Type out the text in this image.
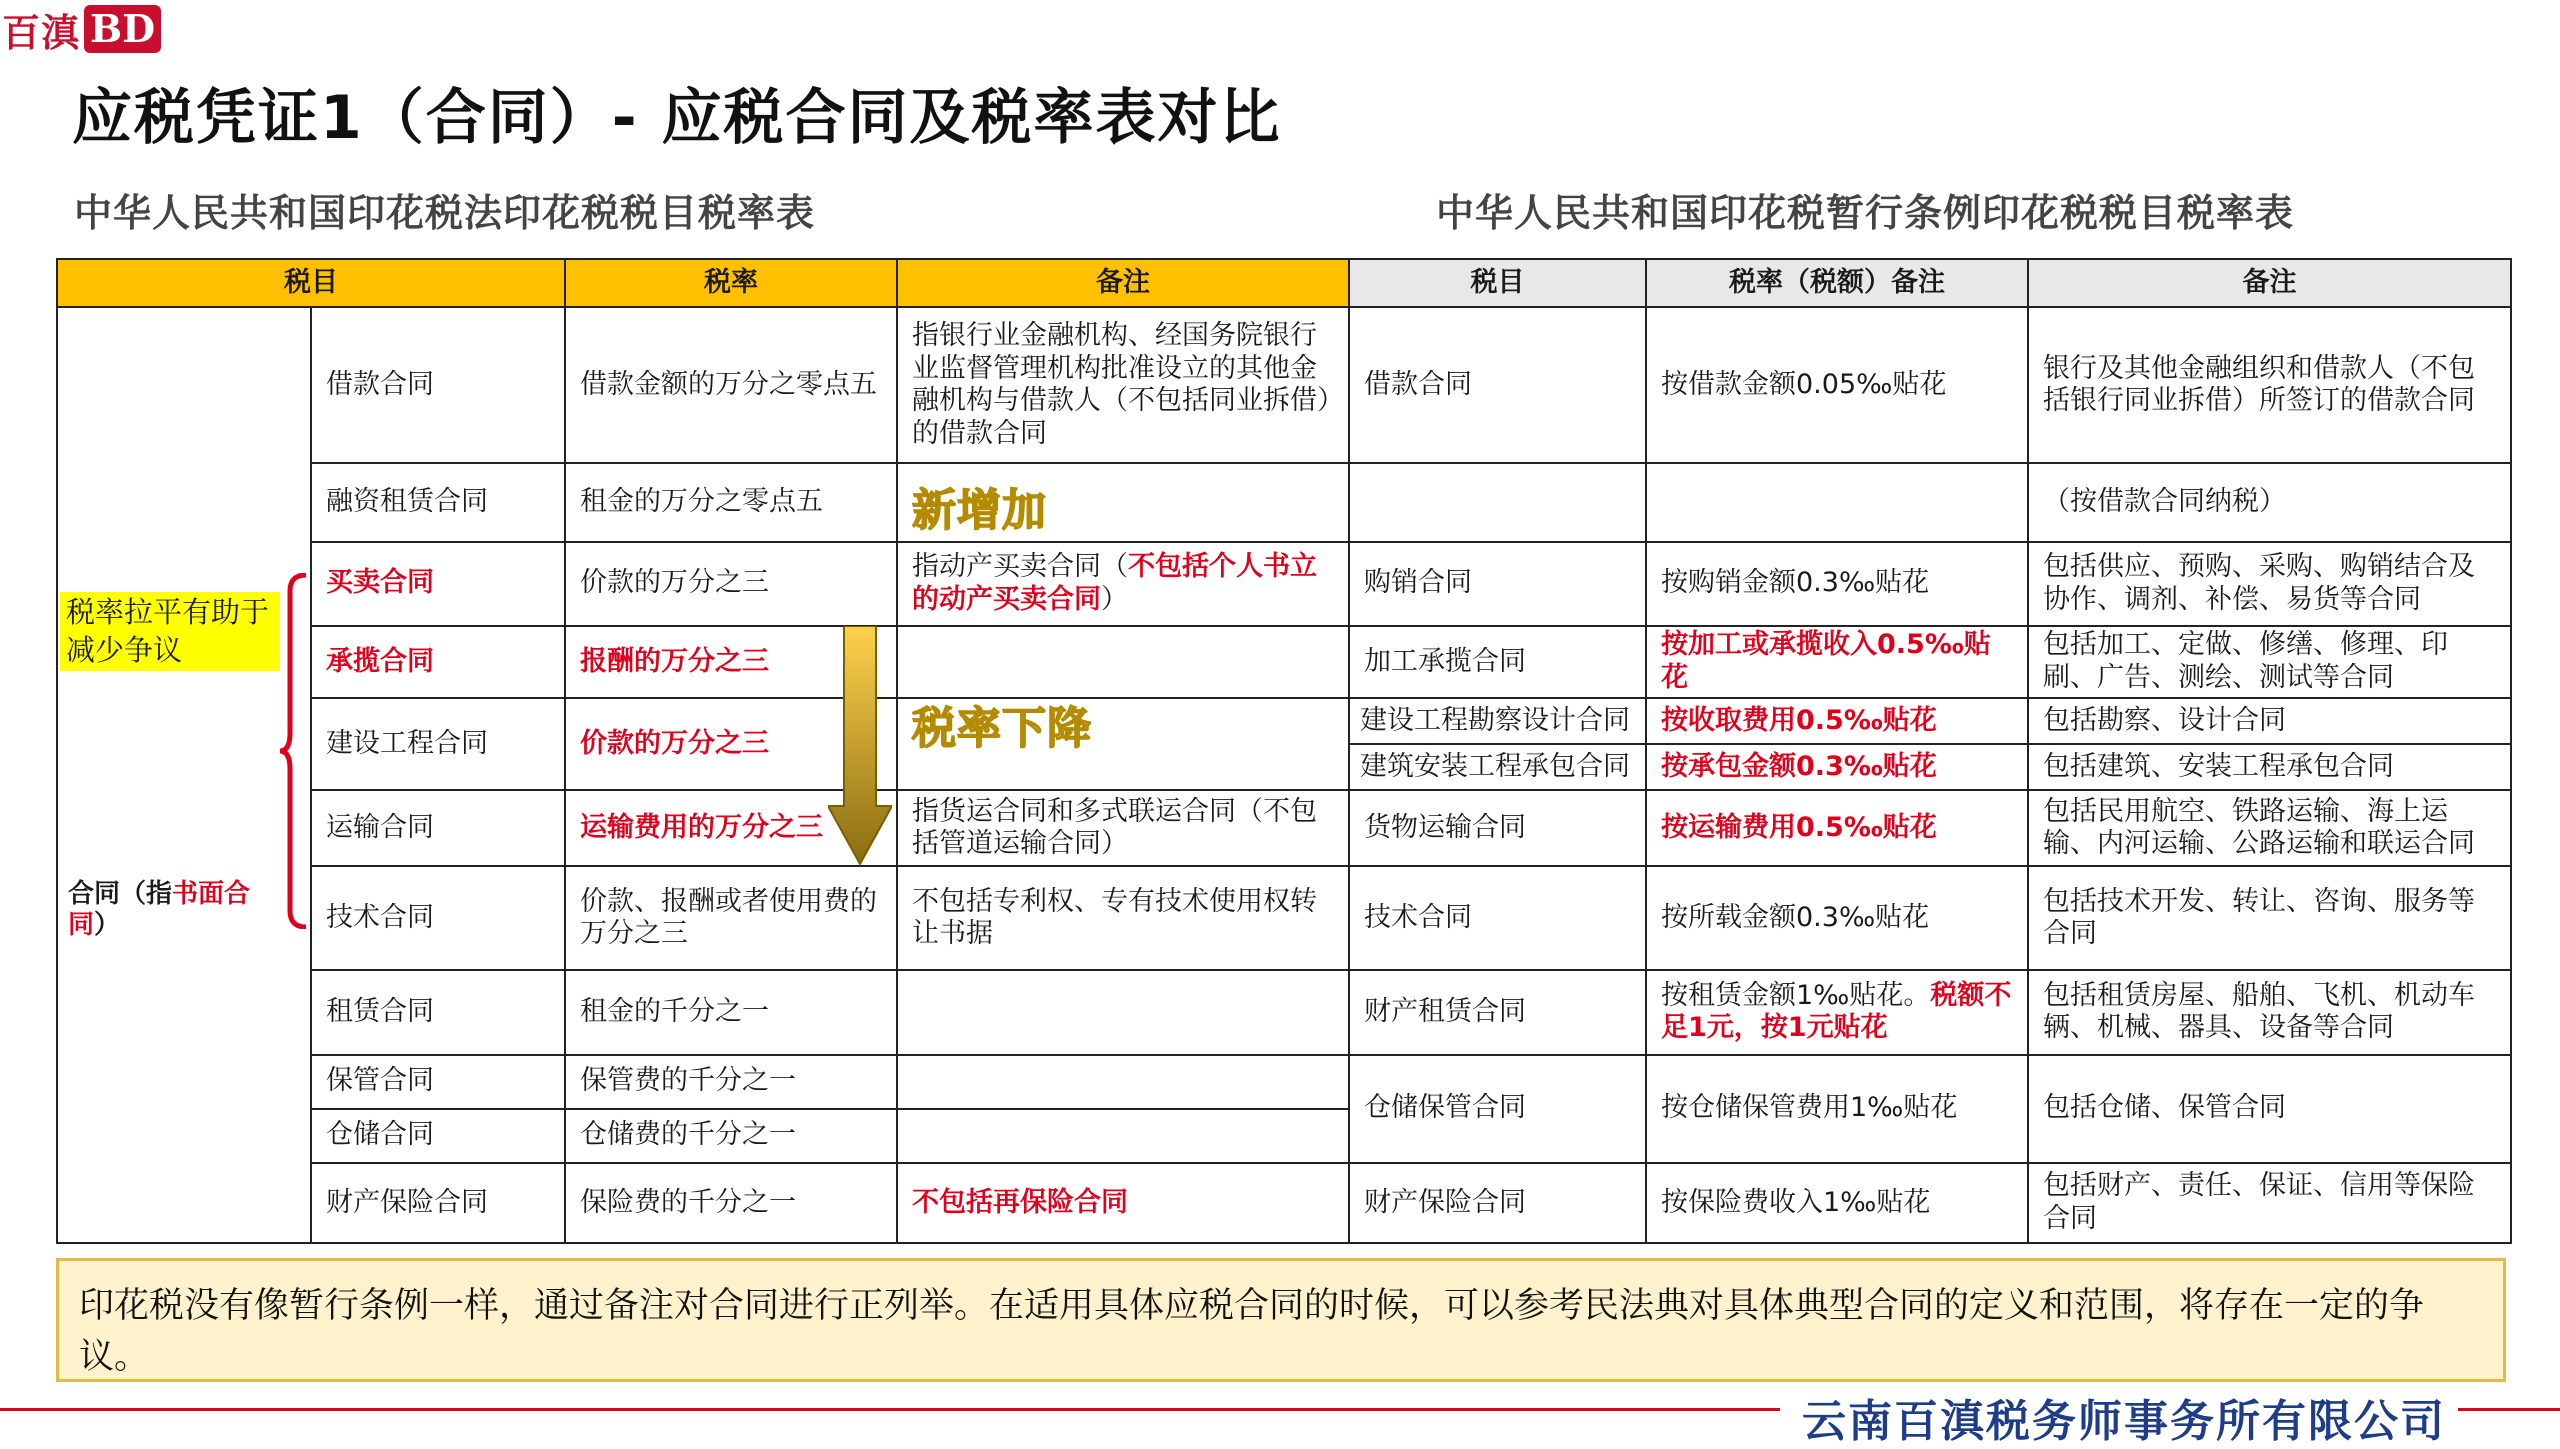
百滇 BD
应税凭证1（合同）- 应税合同及税率表对比
中华人民共和国印花税法印花税税目税率表	中华人民共和国印花税暂行条例印花税税目税率表
税目		税率	备注	税目	税率（税额）备注	备注
合同（指书面合同）	借款合同	借款金额的万分之零点五	指银行业金融机构、经国务院银行业监督管理机构批准设立的其他金融机构与借款人（不包括同业拆借）的借款合同	借款合同	按借款金额0.05‰贴花	银行及其他金融组织和借款人（不包括银行同业拆借）所签订的借款合同
	融资租赁合同	租金的万分之零点五				（按借款合同纳税）
	买卖合同	价款的万分之三	指动产买卖合同（不包括个人书立的动产买卖合同）	购销合同	按购销金额0.3‰贴花	包括供应、预购、采购、购销结合及协作、调剂、补偿、易货等合同
	承揽合同	报酬的万分之三		加工承揽合同	按加工或承揽收入0.5‰贴花	包括加工、定做、修缮、修理、印刷、广告、测绘、测试等合同
	建设工程合同	价款的万分之三		建设工程勘察设计合同	按收取费用0.5‰贴花	包括勘察、设计合同
				建筑安装工程承包合同	按承包金额0.3‰贴花	包括建筑、安装工程承包合同
	运输合同	运输费用的万分之三	指货运合同和多式联运合同（不包括管道运输合同）	货物运输合同	按运输费用0.5‰贴花	包括民用航空、铁路运输、海上运输、内河运输、公路运输和联运合同
	技术合同	价款、报酬或者使用费的万分之三	不包括专利权、专有技术使用权转让书据	技术合同	按所载金额0.3‰贴花	包括技术开发、转让、咨询、服务等合同
	租赁合同	租金的千分之一		财产租赁合同	按租赁金额1‰贴花。税额不足1元，按1元贴花	包括租赁房屋、船舶、飞机、机动车辆、机械、器具、设备等合同
	保管合同	保管费的千分之一		仓储保管合同	按仓储保管费用1‰贴花	包括仓储、保管合同
	仓储合同	仓储费的千分之一				
	财产保险合同	保险费的千分之一	不包括再保险合同	财产保险合同	按保险费收入1‰贴花	包括财产、责任、保证、信用等保险合同
税率拉平有助于减少争议
新增加
税率下降
印花税没有像暂行条例一样，通过备注对合同进行正列举。在适用具体应税合同的时候，可以参考民法典对具体典型合同的定义和范围，将存在一定的争议。
云南百滇税务师事务所有限公司
